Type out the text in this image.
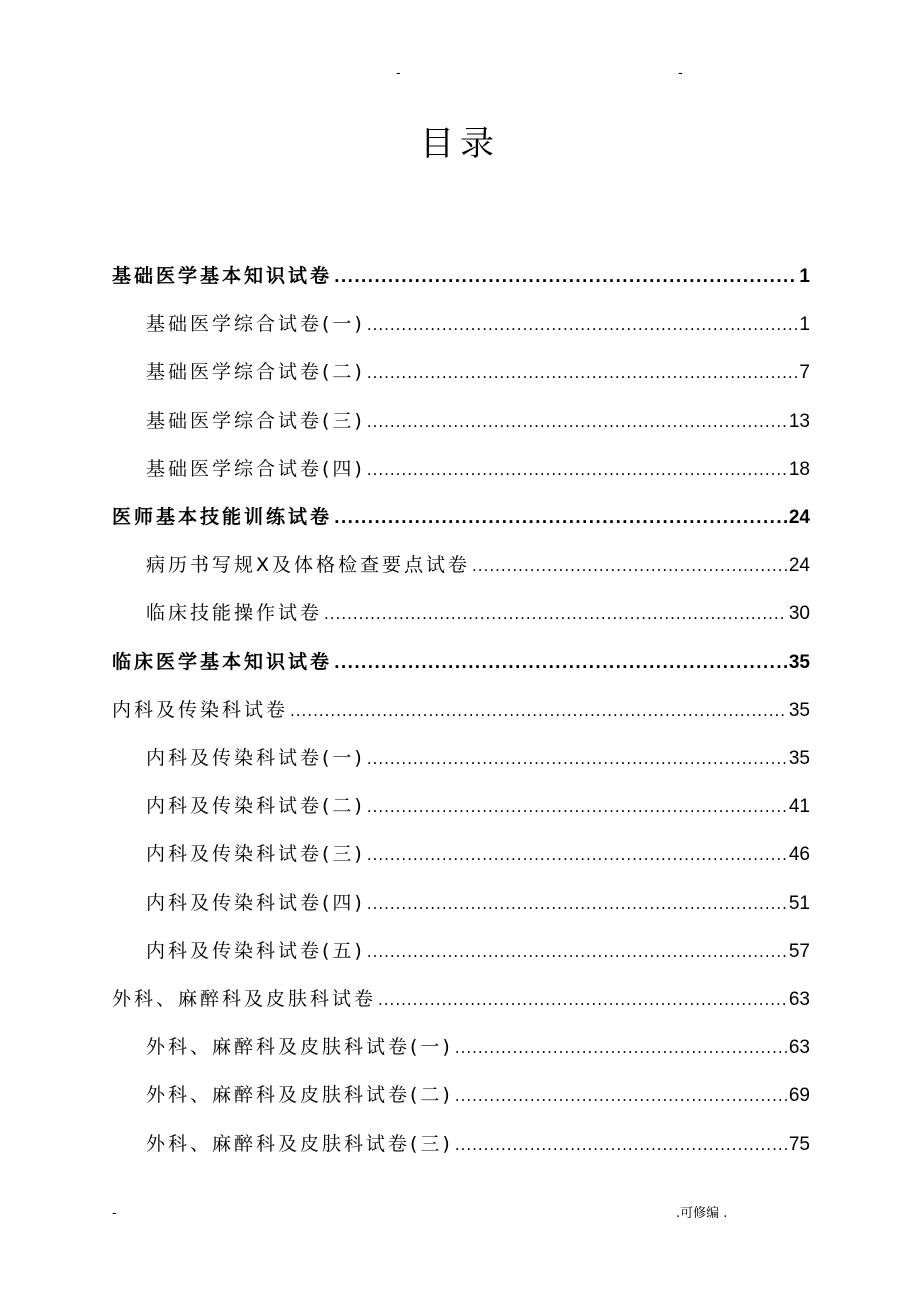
-	-
目录
基础医学基本知识试卷 .....	1
基础医学综合试卷(一) .....	1
基础医学综合试卷(二) .....	7
基础医学综合试卷(三) .....	13
基础医学综合试卷(四) .....	18
医师基本技能训练试卷 .....	24
病历书写规X及体格检查要点试卷 .....	24
临床技能操作试卷 .....	30
临床医学基本知识试卷 .....	35
内科及传染科试卷 .....	35
内科及传染科试卷(一) .....	35
内科及传染科试卷(二) .....	41
内科及传染科试卷(三) .....	46
内科及传染科试卷(四) .....	51
内科及传染科试卷(五) .....	57
外科、麻醉科及皮肤科试卷 .....	63
外科、麻醉科及皮肤科试卷(一) .....	63
外科、麻醉科及皮肤科试卷(二) .....	69
外科、麻醉科及皮肤科试卷(三) .....	75
-	.可修编 .
